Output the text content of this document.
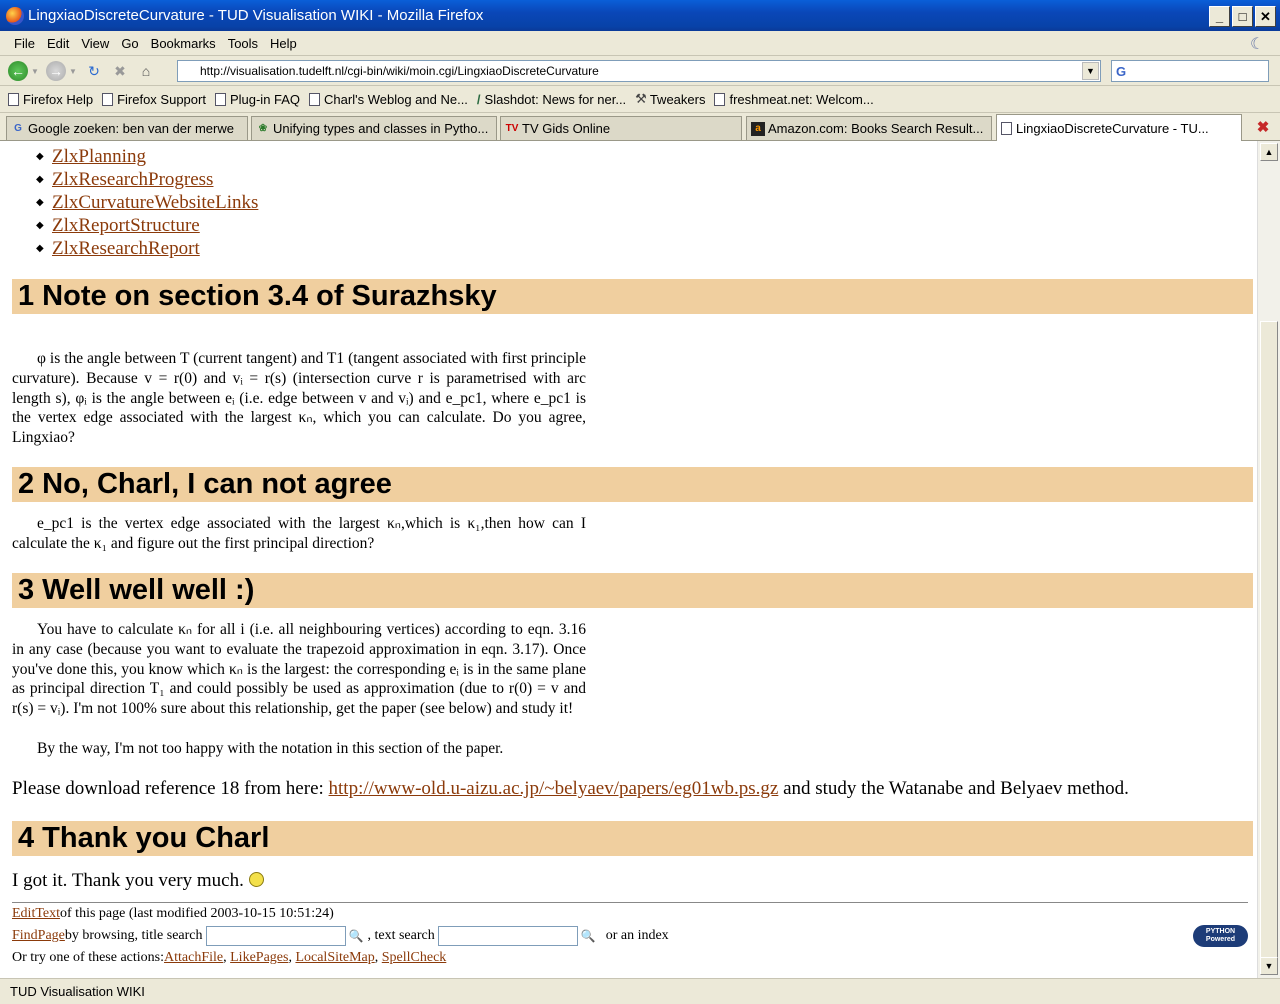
LingxiaoDiscreteCurvature - TUD Visualisation WIKI - Mozilla Firefox	_	□	✕
File Edit View Go Bookmarks Tools Help	☾
← ▼ → ▼ ↻ ✖	⌂	http://visualisation.tudelft.nl/cgi-bin/wiki/moin.cgi/LingxiaoDiscreteCurvature	▼	G
Firefox Help Firefox Support Plug-in FAQ Charl's Weblog and Ne... / Slashdot: News for ner... ⚒ Tweakers freshmeat.net: Welcom...
G Google zoeken: ben van der merwe ❀ Unifying types and classes in Pytho... TV TV Gids Online	a Amazon.com: Books Search Result...	LingxiaoDiscreteCurvature - TU...	✖
◆ ZlxPlanning
◆ ZlxResearchProgress
◆ ZlxCurvatureWebsiteLinks
◆ ZlxReportStructure
◆ ZlxResearchReport
1 Note on section 3.4 of Surazhsky
φ is the angle between T (current tangent) and T1 (tangent associated with first principle curvature). Because v = r(0) and vᵢ = r(s) (intersection curve r is parametrised with arc length s), φᵢ is the angle between eᵢ (i.e. edge between v and vᵢ) and e_pc1, where e_pc1 is the vertex edge associated with the largest κₙ, which you can calculate. Do you agree, Lingxiao?
2 No, Charl, I can not agree
e_pc1 is the vertex edge associated with the largest κₙ,which is κ₁,then how can I calculate the κ₁ and figure out the first principal direction?
3 Well well well :)
You have to calculate κₙ for all i (i.e. all neighbouring vertices) according to eqn. 3.16 in any case (because you want to evaluate the trapezoid approximation in eqn. 3.17). Once you've done this, you know which κₙ is the largest: the corresponding eᵢ is in the same plane as principal direction T₁ and could possibly be used as approximation (due to r(0) = v and r(s) = vᵢ). I'm not 100% sure about this relationship, get the paper (see below) and study it!
By the way, I'm not too happy with the notation in this section of the paper.
Please download reference 18 from here: http://www-old.u-aizu.ac.jp/~belyaev/papers/eg01wb.ps.gz and study the Watanabe and Belyaev method.
4 Thank you Charl
I got it. Thank you very much.
EditText of this page (last modified 2003-10-15 10:51:24)
FindPage by browsing, title search	🔍 , text search	🔍 or an index
Or try one of these actions: AttachFile , LikePages , LocalSiteMap , SpellCheck
PYTHON
Powered
▲
▼
TUD Visualisation WIKI
